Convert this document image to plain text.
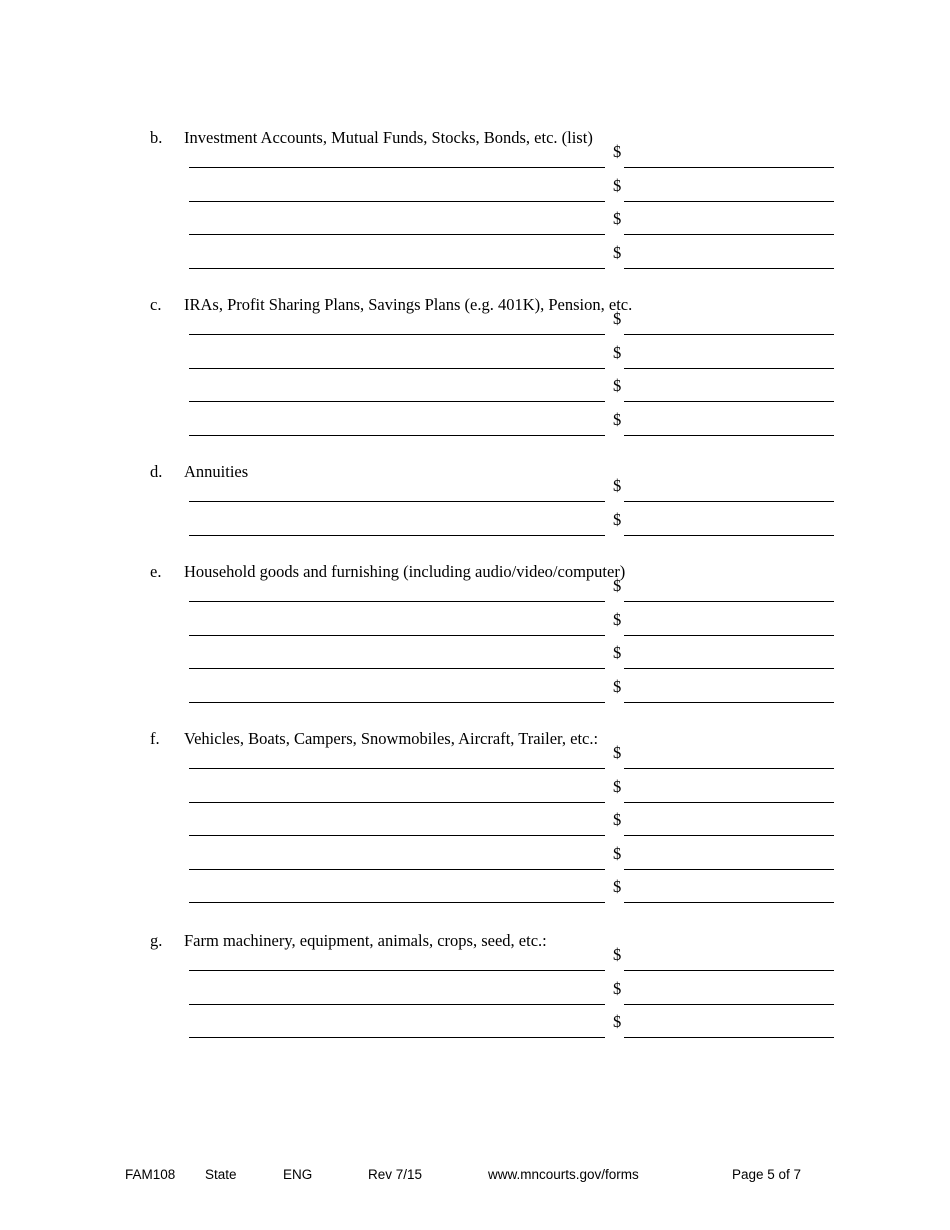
b. Investment Accounts, Mutual Funds, Stocks, Bonds, etc. (list)
$
$
$
$
c. IRAs, Profit Sharing Plans, Savings Plans (e.g. 401K), Pension, etc.
$
$
$
$
d. Annuities
$
$
e. Household goods and furnishing (including audio/video/computer)
$
$
$
$
f. Vehicles, Boats, Campers, Snowmobiles, Aircraft, Trailer, etc.:
$
$
$
$
$
g. Farm machinery, equipment, animals, crops, seed, etc.:
$
$
$
FAM108 State	ENG	Rev 7/15	www.mncourts.gov/forms	Page 5 of 7
